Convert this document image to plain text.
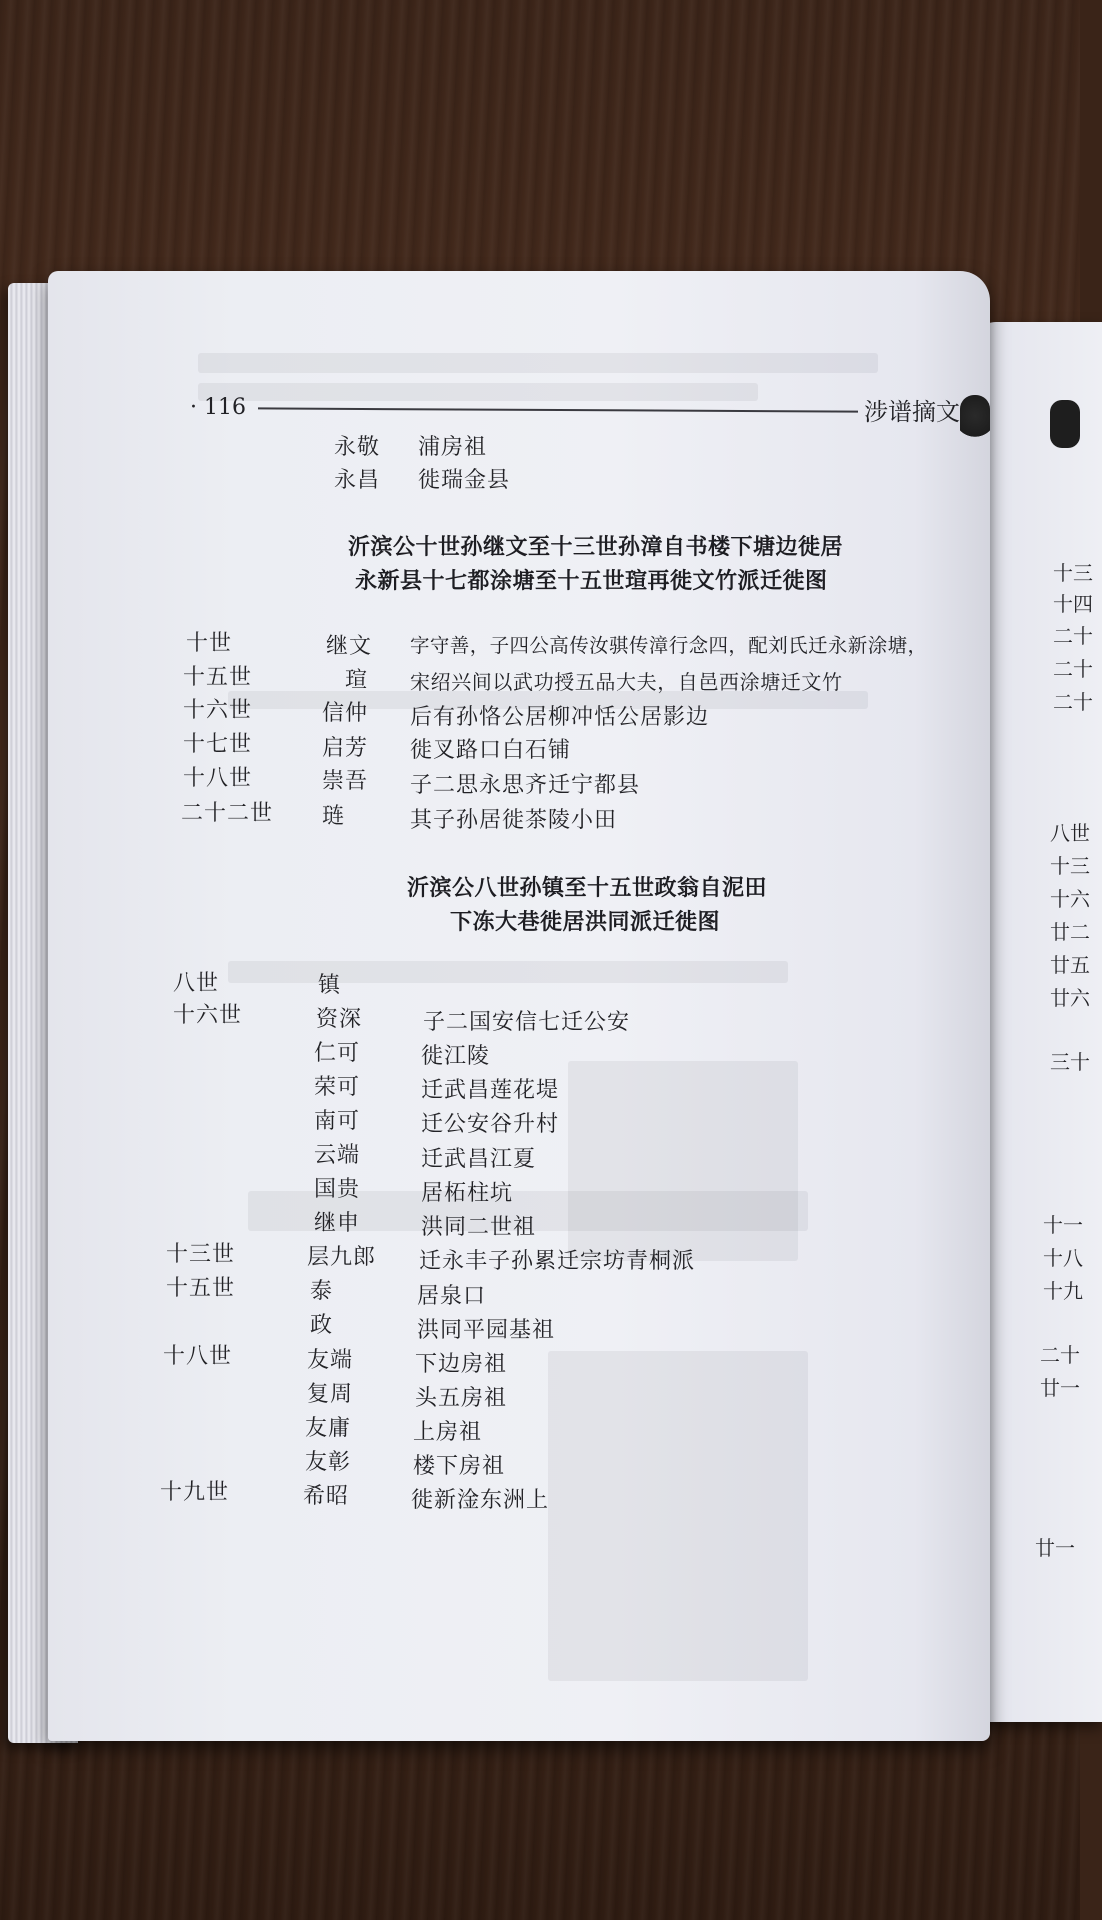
· 116	涉谱摘文
永敬 浦房祖
永昌 徙瑞金县
沂滨公十世孙继文至十三世孙漳自书楼下塘边徙居
永新县十七都涂塘至十五世瑄再徙文竹派迁徙图
十世	继文 字守善，子四公高传汝骐传漳行念四，配刘氏迁永新涂塘，
十五世	瑄 宋绍兴间以武功授五品大夫，自邑西涂塘迁文竹
十六世	信仲 后有孙恪公居柳冲恬公居影边
十七世	启芳 徙叉路口白石铺
十八世	崇吾 子二思永思齐迁宁都县
二十二世 琏	其子孙居徙茶陵小田
沂滨公八世孙镇至十五世政翁自泥田
下冻大巷徙居洪同派迁徙图
八世	镇
十六世	资深	子二国安信七迁公安
仁可	徙江陵
荣可	迁武昌莲花堤
南可	迁公安谷升村
云端	迁武昌江夏
国贵	居柘柱坑
继申	洪同二世祖
十三世	层九郎 迁永丰子孙累迁宗坊青桐派
十五世	泰	居泉口
政	洪同平园基祖
十八世	友端	下边房祖
复周	头五房祖
友庸	上房祖
友彰	楼下房祖
十九世	希昭	徙新淦东洲上
十三
十四
二十
二十
二十
八世
十三
十六
廿二
廿五
廿六
三十
十一
十八
十九
二十
廿一
廿一
